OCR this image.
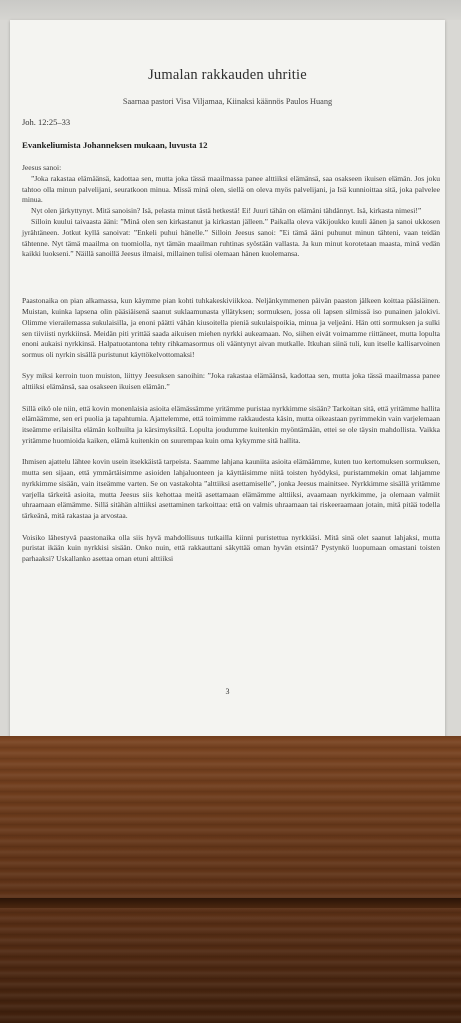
Jumalan rakkauden uhritie
Saarnaa pastori Visa Viljamaa, Kiinaksi käännös Paulos Huang
Joh. 12:25–33
Evankeliumista Johanneksen mukaan, luvusta 12

Jeesus sanoi:

”Joka rakastaa elämäänsä, kadottaa sen, mutta joka tässä maailmassa panee alttiiksi elämänsä, saa osakseen ikuisen elämän. Jos joku tahtoo olla minun palvelijani, seuratkoon minua. Missä minä olen, siellä on oleva myös palvelijani, ja Isä kunnioittaa sitä, joka palvelee minua.

Nyt olen järkyttynyt. Mitä sanoisin? Isä, pelasta minut tästä hetkestä! Ei! Juuri tähän on elämäni tähdännyt. Isä, kirkasta nimesi!”

Silloin kuului taivaasta ääni: ”Minä olen sen kirkastanut ja kirkastan jälleen.” Paikalla oleva väkijoukko kuuli äänen ja sanoi ukkosen jyrähtäneen. Jotkut kyllä sanoivat: ”Enkeli puhui hänelle.” Silloin Jeesus sanoi: ”Ei tämä ääni puhunut minun tähteni, vaan teidän tähtenne. Nyt tämä maailma on tuomiolla, nyt tämän maailman ruhtinas syöstään vallasta. Ja kun minut korotetaan maasta, minä vedän kaikki luokseni.” Näillä sanoillä Jeesus ilmaisi, millainen tulisi olemaan hänen kuolemansa.

Paastonaika on pian alkamassa, kun käymme pian kohti tuhkakeskiviikkoa. Neljänkymmenen päivän paaston jälkeen koittaa pääsiäinen. Muistan, kuinka lapsena olin pääsiäisenä saanut suklaamunasta yllätyksen; sormuksen, jossa oli lapsen silmissä iso punainen jalokivi. Olimme vierailemassa sukulaisilla, ja enoni päätti vähän kiusoitella pieniä sukulaispoikia, minua ja veljeäni. Hän otti sormuksen ja sulki sen tiiviisti nyrkkiinsä. Meidän piti yrittää saada aikuisen miehen nyrkki aukeamaan. No, siihen eivät voimamme riittäneet, mutta lopulta enoni aukaisi nyrkkinsä. Halpatuotantona tehty rihkamasormus oli vääntynyt aivan mutkalle. Itkuhan siinä tuli, kun itselle kallisarvoinen sormus oli nyrkin sisällä puristunut käyttökelvottomaksi!

Syy miksi kerroin tuon muiston, liittyy Jeesuksen sanoihin: ”Joka rakastaa elämäänsä, kadottaa sen, mutta joka tässä maailmassa panee alttiiksi elämänsä, saa osakseen ikuisen elämän.”

Sillä eikö ole niin, että kovin monenlaisia asioita elämässämme yritämme puristaa nyrkkimme sisään? Tarkoitan sitä, että yritämme hallita elämäämme, sen eri puolia ja tapahtumia. Ajattelemme, että toimimme rakkaudesta käsin, mutta oikeastaan pyrimmekin vain varjelemaan itseämme erilaisilta elämän kolhuilta ja kärsimyksiltä. Lopulta joudumme kuitenkin myöntämään, ettei se ole täysin mahdollista. Vaikka yritämme huomioida kaiken, elämä kuitenkin on suurempaa kuin oma kykymme sitä hallita.

Ihmisen ajattelu lähtee kovin usein itsekkäistä tarpeista. Saamme lahjana kauniita asioita elämäämme, kuten tuo kertomuksen sormuksen, mutta sen sijaan, että ymmärtäisimme asioiden lahjaluonteen ja käyttäisimme niitä toisten hyödyksi, puristammekin omat lahjamme nyrkkimme sisään, vain itseämme varten. Se on vastakohta ”alttiiksi asettamiselle”, jonka Jeesus mainitsee. Nyrkkimme sisällä yritämme varjella tärkeitä asioita, mutta Jeesus siis kehottaa meitä asettamaan elämämme alttiiksi, avaamaan nyrkkimme, ja olemaan valmiit uhraamaan elämämme. Sillä sitähän alttiiksi asettaminen tarkoittaa: että on valmis uhraamaan tai riskeeraamaan jotain, mitä pitää todella tärkeänä, mitä rakastaa ja arvostaa.

Voisiko lähestyvä paastonaika olla siis hyvä mahdollisuus tutkailla kiinni puristettua nyrkkiäsi. Mitä sinä olet saanut lahjaksi, mutta puristat ikään kuin nyrkkisi sisään. Onko nuin, että rakkauttani säkyttää oman hyvän etsintä? Pystynkö luopumaan omastani toisten parhaaksi? Uskallanko asettaa oman etuni alttiiksi

3
